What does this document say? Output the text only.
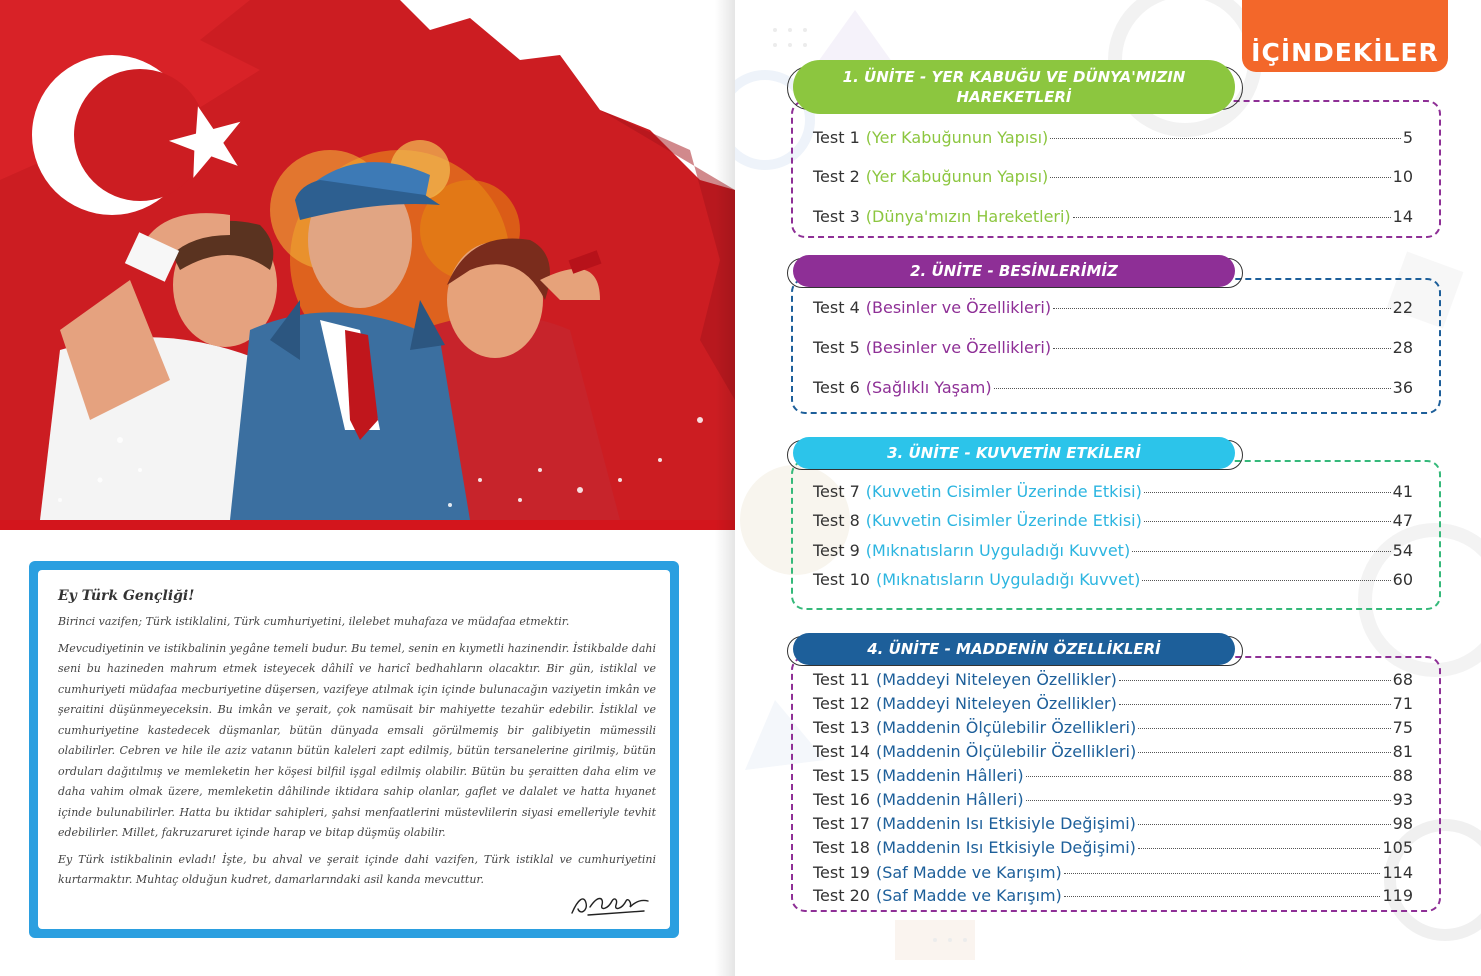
Ey Türk Gençliği!

Birinci vazifen; Türk istiklalini, Türk cumhuriyetini, ilelebet muhafaza ve müdafaa etmektir.

Mevcudiyetinin ve istikbalinin yegâne temeli budur. Bu temel, senin en kıymetli hazinendir. İstikbalde dahi seni bu hazineden mahrum etmek isteyecek dâhilî ve haricî bedhahların olacaktır. Bir gün, istiklal ve cumhuriyeti müdafaa mecburiyetine düşersen, vazifeye atılmak için içinde bulunacağın vaziyetin imkân ve şeraitini düşünmeyeceksin. Bu imkân ve şerait, çok namüsait bir mahiyette tezahür edebilir. İstiklal ve cumhuriyetine kastedecek düşmanlar, bütün dünyada emsali görülmemiş bir galibiyetin mümessili olabilirler. Cebren ve hile ile aziz vatanın bütün kaleleri zapt edilmiş, bütün tersanelerine girilmiş, bütün orduları dağıtılmış ve memleketin her köşesi bilfiil işgal edilmiş olabilir. Bütün bu şeraitten daha elim ve daha vahim olmak üzere, memleketin dâhilinde iktidara sahip olanlar, gaflet ve dalalet ve hatta hıyanet içinde bulunabilirler. Hatta bu iktidar sahipleri, şahsi menfaatlerini müstevlilerin siyasi emelleriyle tevhit edebilirler. Millet, fakruzaruret içinde harap ve bitap düşmüş olabilir.

Ey Türk istikbalinin evladı! İşte, bu ahval ve şerait içinde dahi vazifen, Türk istiklal ve cumhuriyetini kurtarmaktır. Muhtaç olduğun kudret, damarlarındaki asil kanda mevcuttur.

İÇİNDEKİLER
1. ÜNİTE - YER KABUĞU VE DÜNYA'MIZIN
HAREKETLERİ
Test 1 (Yer Kabuğunun Yapısı)	5
Test 2 (Yer Kabuğunun Yapısı)	10
Test 3 (Dünya'mızın Hareketleri)	14
2. ÜNİTE - BESİNLERİMİZ
Test 4 (Besinler ve Özellikleri)	22
Test 5 (Besinler ve Özellikleri)	28
Test 6 (Sağlıklı Yaşam)	36
3. ÜNİTE - KUVVETİN ETKİLERİ
Test 7 (Kuvvetin Cisimler Üzerinde Etkisi)	41
Test 8 (Kuvvetin Cisimler Üzerinde Etkisi)	47
Test 9 (Mıknatısların Uyguladığı Kuvvet)	54
Test 10 (Mıknatısların Uyguladığı Kuvvet)	60
4. ÜNİTE - MADDENİN ÖZELLİKLERİ
Test 11 (Maddeyi Niteleyen Özellikler)	68
Test 12 (Maddeyi Niteleyen Özellikler)	71
Test 13 (Maddenin Ölçülebilir Özellikleri)	75
Test 14 (Maddenin Ölçülebilir Özellikleri)	81
Test 15 (Maddenin Hâlleri)	88
Test 16 (Maddenin Hâlleri)	93
Test 17 (Maddenin Isı Etkisiyle Değişimi)	98
Test 18 (Maddenin Isı Etkisiyle Değişimi)	105
Test 19 (Saf Madde ve Karışım)	114
Test 20 (Saf Madde ve Karışım)	119
